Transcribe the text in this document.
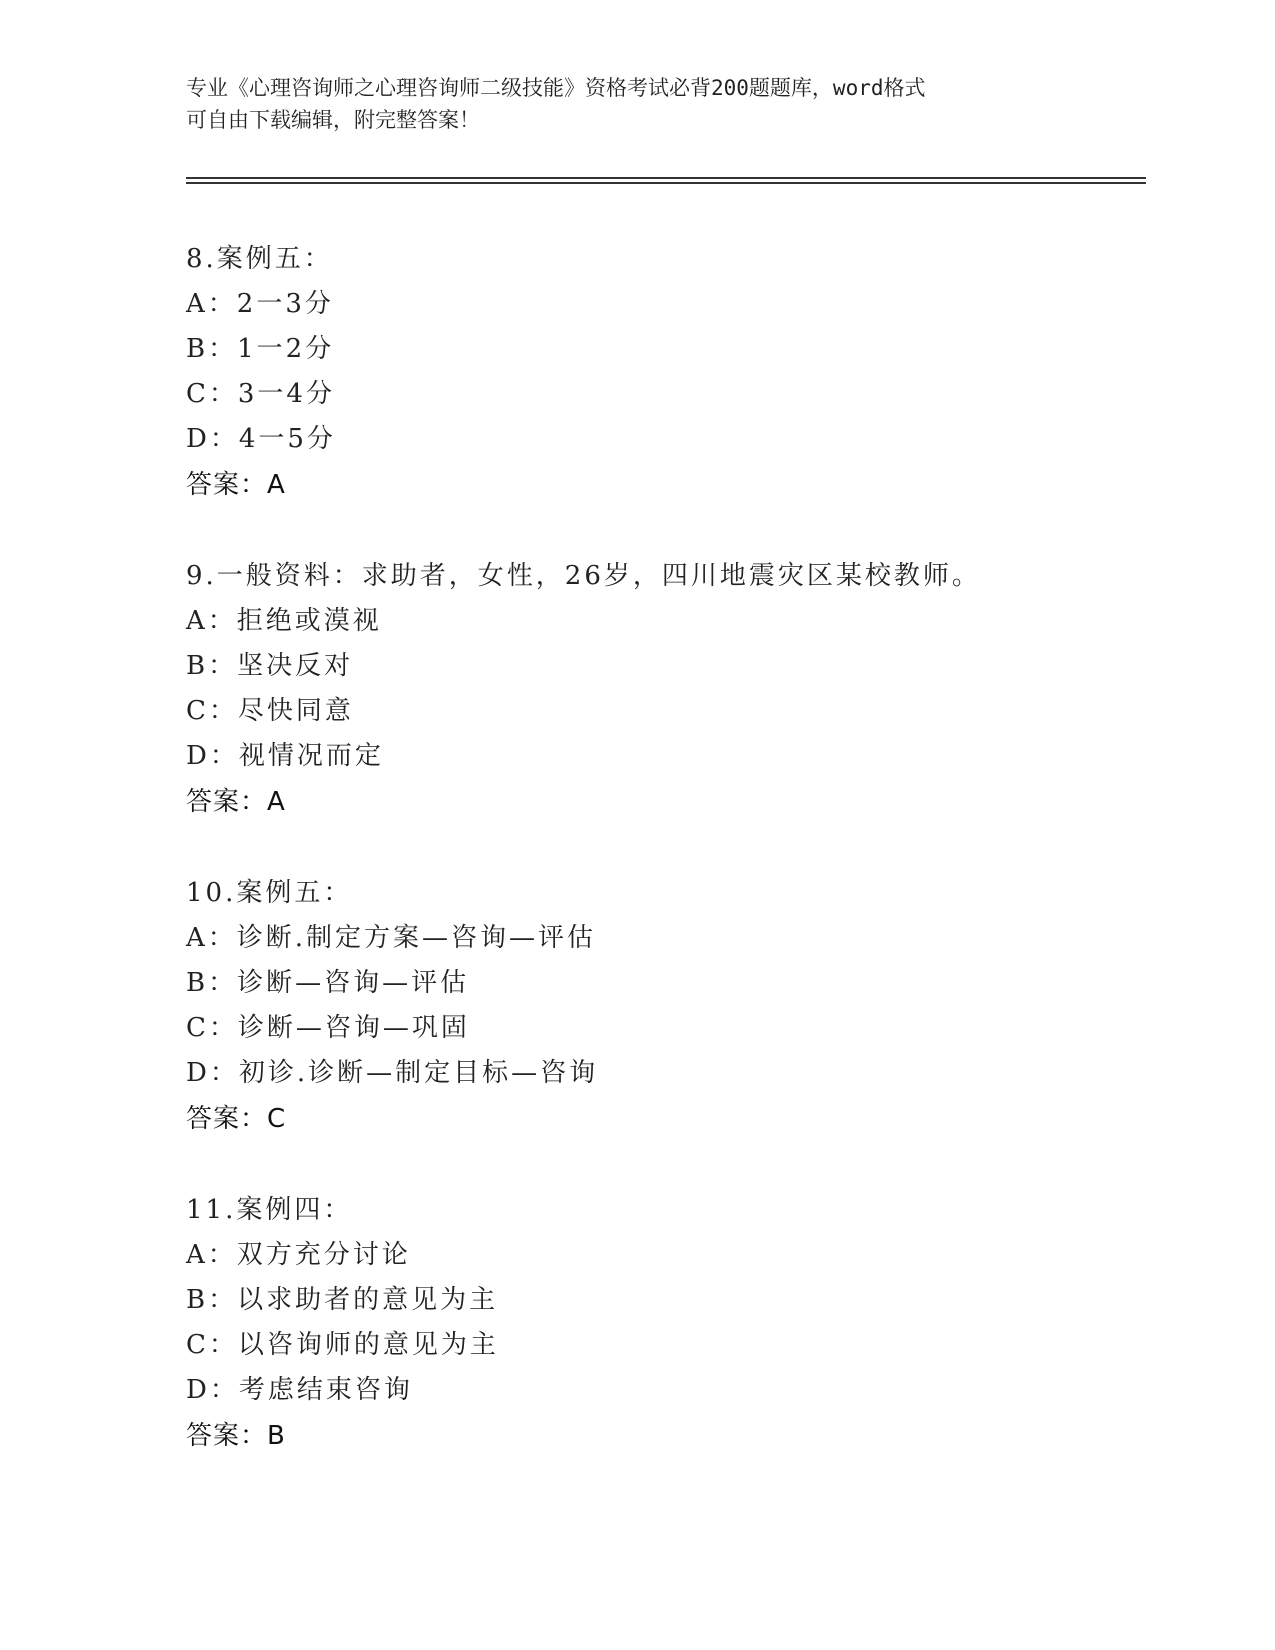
专业《心理咨询师之心理咨询师二级技能》资格考试必背200题题库，word格式
可自由下载编辑，附完整答案！
8.案例五：
A：2一3分
B：1一2分
C：3一4分
D：4一5分
答案：A
9.一般资料：求助者，女性，26岁，四川地震灾区某校教师。
A：拒绝或漠视
B：坚决反对
C：尽快同意
D：视情况而定
答案：A
10.案例五：
A：诊断.制定方案—咨询—评估
B：诊断—咨询—评估
C：诊断—咨询—巩固
D：初诊.诊断—制定目标—咨询
答案：C
11.案例四：
A：双方充分讨论
B：以求助者的意见为主
C：以咨询师的意见为主
D：考虑结束咨询
答案：B
